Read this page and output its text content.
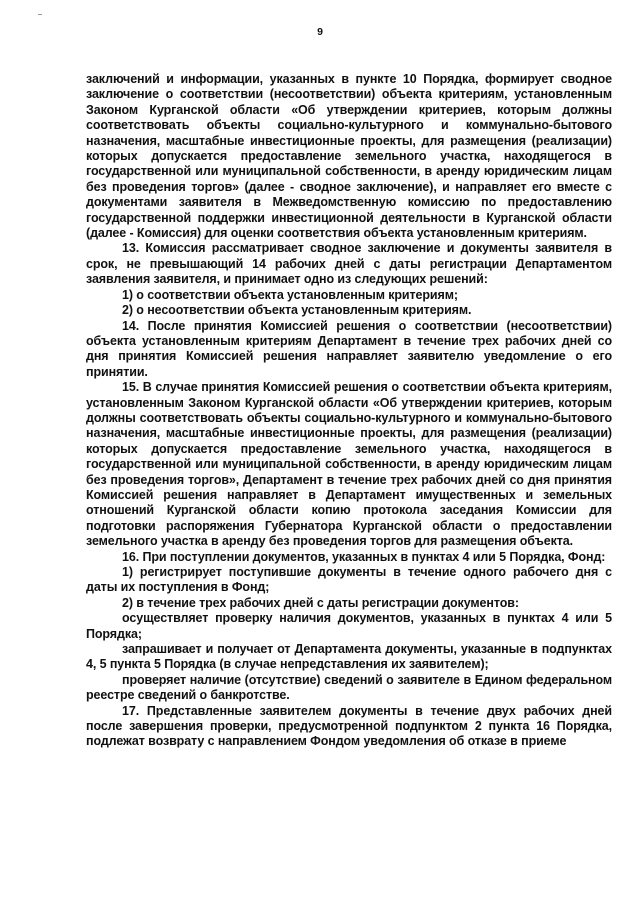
9

заключений и информации, указанных в пункте 10 Порядка, формирует сводное заключение о соответствии (несоответствии) объекта критериям, установленным Законом Курганской области «Об утверждении критериев, которым должны соответствовать объекты социально-культурного и коммунально-бытового назначения, масштабные инвестиционные проекты, для размещения (реализации) которых допускается предоставление земельного участка, находящегося в государственной или муниципальной собственности, в аренду юридическим лицам без проведения торгов» (далее - сводное заключение), и направляет его вместе с документами заявителя в Межведомственную комиссию по предоставлению государственной поддержки инвестиционной деятельности в Курганской области (далее - Комиссия) для оценки соответствия объекта установленным критериям.

13. Комиссия рассматривает сводное заключение и документы заявителя в срок, не превышающий 14 рабочих дней с даты регистрации Департаментом заявления заявителя, и принимает одно из следующих решений:

1) о соответствии объекта установленным критериям;

2) о несоответствии объекта установленным критериям.

14. После принятия Комиссией решения о соответствии (несоответствии) объекта установленным критериям Департамент в течение трех рабочих дней со дня принятия Комиссией решения направляет заявителю уведомление о его принятии.

15. В случае принятия Комиссией решения о соответствии объекта критериям, установленным Законом Курганской области «Об утверждении критериев, которым должны соответствовать объекты социально-культурного и коммунально-бытового назначения, масштабные инвестиционные проекты, для размещения (реализации) которых допускается предоставление земельного участка, находящегося в государственной или муниципальной собственности, в аренду юридическим лицам без проведения торгов», Департамент в течение трех рабочих дней со дня принятия Комиссией решения направляет в Департамент имущественных и земельных отношений Курганской области копию протокола заседания Комиссии для подготовки распоряжения Губернатора Курганской области о предоставлении земельного участка в аренду без проведения торгов для размещения объекта.

16. При поступлении документов, указанных в пунктах 4 или 5 Порядка, Фонд:

1) регистрирует поступившие документы в течение одного рабочего дня с даты их поступления в Фонд;

2) в течение трех рабочих дней с даты регистрации документов:

осуществляет проверку наличия документов, указанных в пунктах 4 или 5 Порядка;

запрашивает и получает от Департамента документы, указанные в подпунктах 4, 5 пункта 5 Порядка (в случае непредставления их заявителем);

проверяет наличие (отсутствие) сведений о заявителе в Едином федеральном реестре сведений о банкротстве.

17. Представленные заявителем документы в течение двух рабочих дней после завершения проверки, предусмотренной подпунктом 2 пункта 16 Порядка, подлежат возврату с направлением Фондом уведомления об отказе в приеме
